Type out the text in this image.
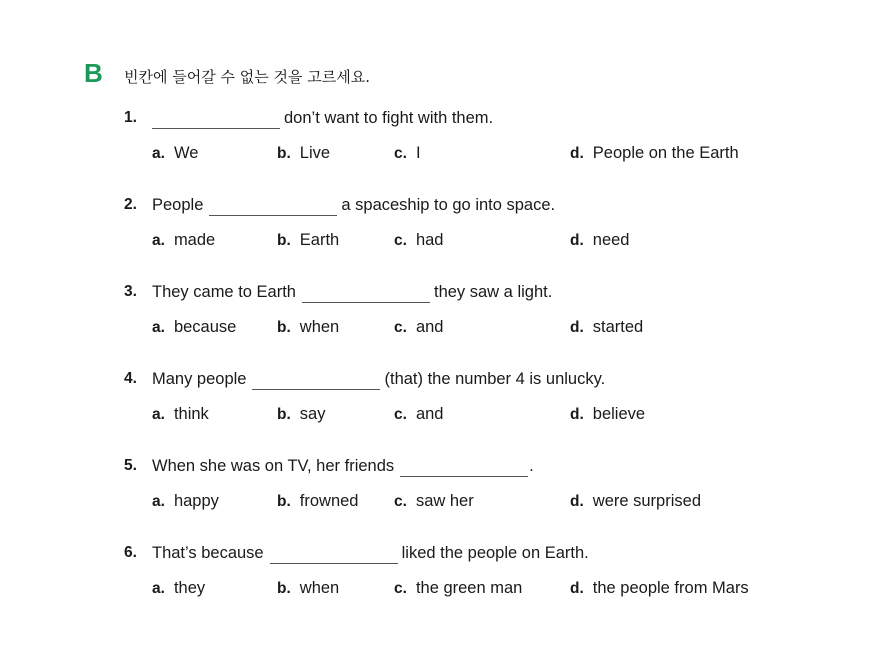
B 빈칸에 들어갈 수 없는 것을 고르세요.
1.	don’t want to fight with them.
a. We	b. Live	c. I	d. People on the Earth
2. People	a spaceship to go into space.
a. made	b. Earth	c. had	d. need
3. They came to Earth	they saw a light.
a. because	b. when	c. and	d. started
4. Many people	(that) the number 4 is unlucky.
a. think	b. say	c. and	d. believe
5. When she was on TV, her friends	.
a. happy	b. frowned c. saw her	d. were surprised
6. That’s because	liked the people on Earth.
a. they	b. when	c. the green man	d. the people from Mars
